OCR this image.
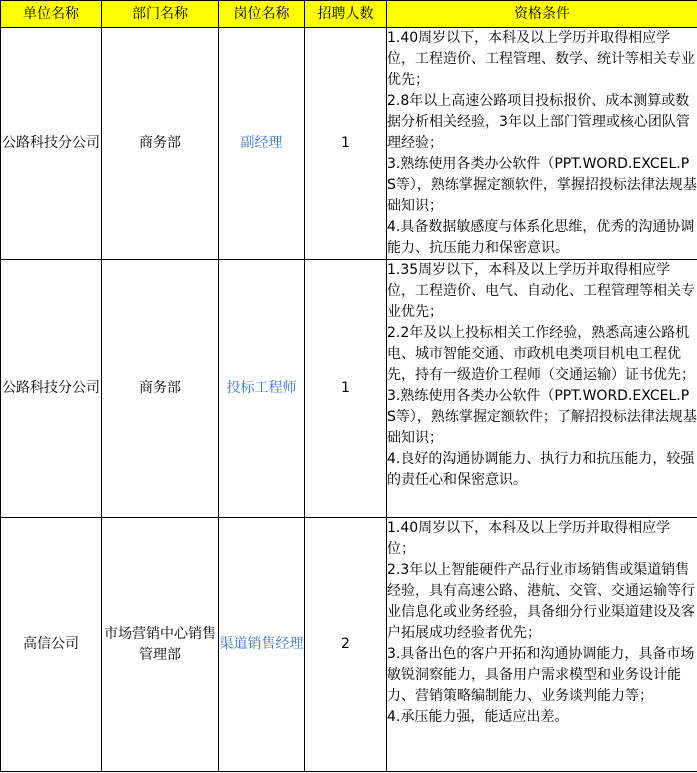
单位名称	部门名称	岗位名称	招聘人数	资格条件
公路科技分公司	商务部	副经理	1	1.40周岁以下，本科及以上学历并取得相应学位，工程造价、工程管理、数学、统计等相关专业优先；
2.8年以上高速公路项目投标报价、成本测算或数据分析相关经验，3年以上部门管理或核心团队管理经验；
3.熟练使用各类办公软件（PPT.WORD.EXCEL.PS等），熟练掌握定额软件，掌握招投标法律法规基础知识；
4.具备数据敏感度与体系化思维，优秀的沟通协调能力、抗压能力和保密意识。

公路科技分公司	商务部	投标工程师	1	1.35周岁以下，本科及以上学历并取得相应学位，工程造价、电气、自动化、工程管理等相关专业优先；
2.2年及以上投标相关工作经验，熟悉高速公路机电、城市智能交通、市政机电类项目机电工程优先，持有一级造价工程师（交通运输）证书优先；
3.熟练使用各类办公软件（PPT.WORD.EXCEL.PS等），熟练掌握定额软件；了解招投标法律法规基础知识；
4.良好的沟通协调能力、执行力和抗压能力，较强的责任心和保密意识。

高信公司	市场营销中心销售管理部	渠道销售经理	2	1.40周岁以下，本科及以上学历并取得相应学位；
2.3年以上智能硬件产品行业市场销售或渠道销售经验，具有高速公路、港航、交管、交通运输等行业信息化或业务经验，具备细分行业渠道建设及客户拓展成功经验者优先；
3.具备出色的客户开拓和沟通协调能力，具备市场敏锐洞察能力，具备用户需求模型和业务设计能力、营销策略编制能力、业务谈判能力等；
4.承压能力强，能适应出差。
